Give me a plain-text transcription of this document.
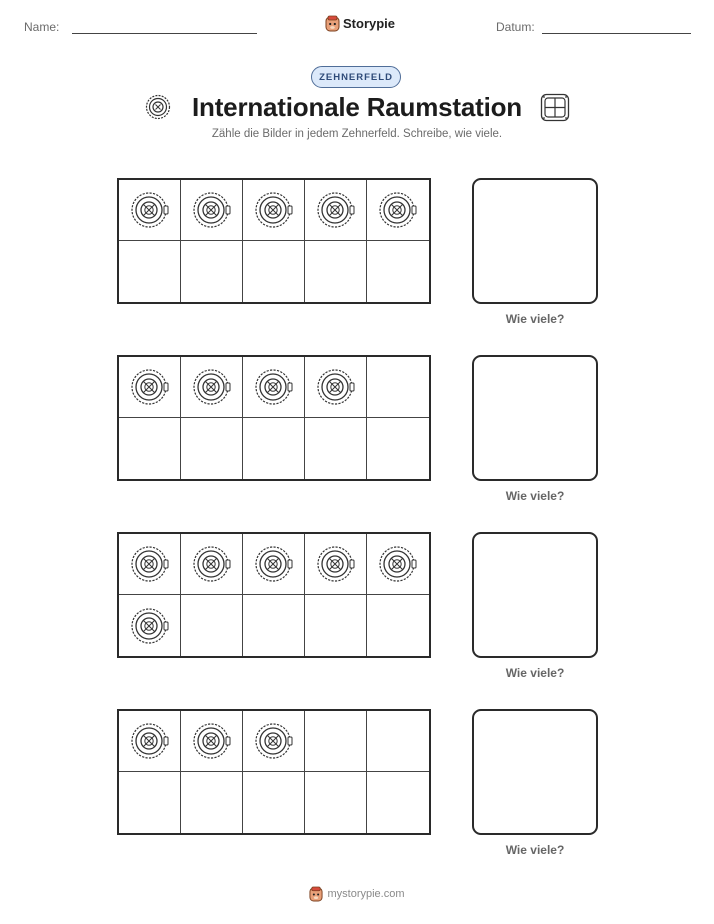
Name:	Storypie	Datum:
ZEHNERFELD
Internationale Raumstation
Zähle die Bilder in jedem Zehnerfeld. Schreibe, wie viele.
Wie viele?
Wie viele?
Wie viele?
Wie viele?
mystorypie.com
